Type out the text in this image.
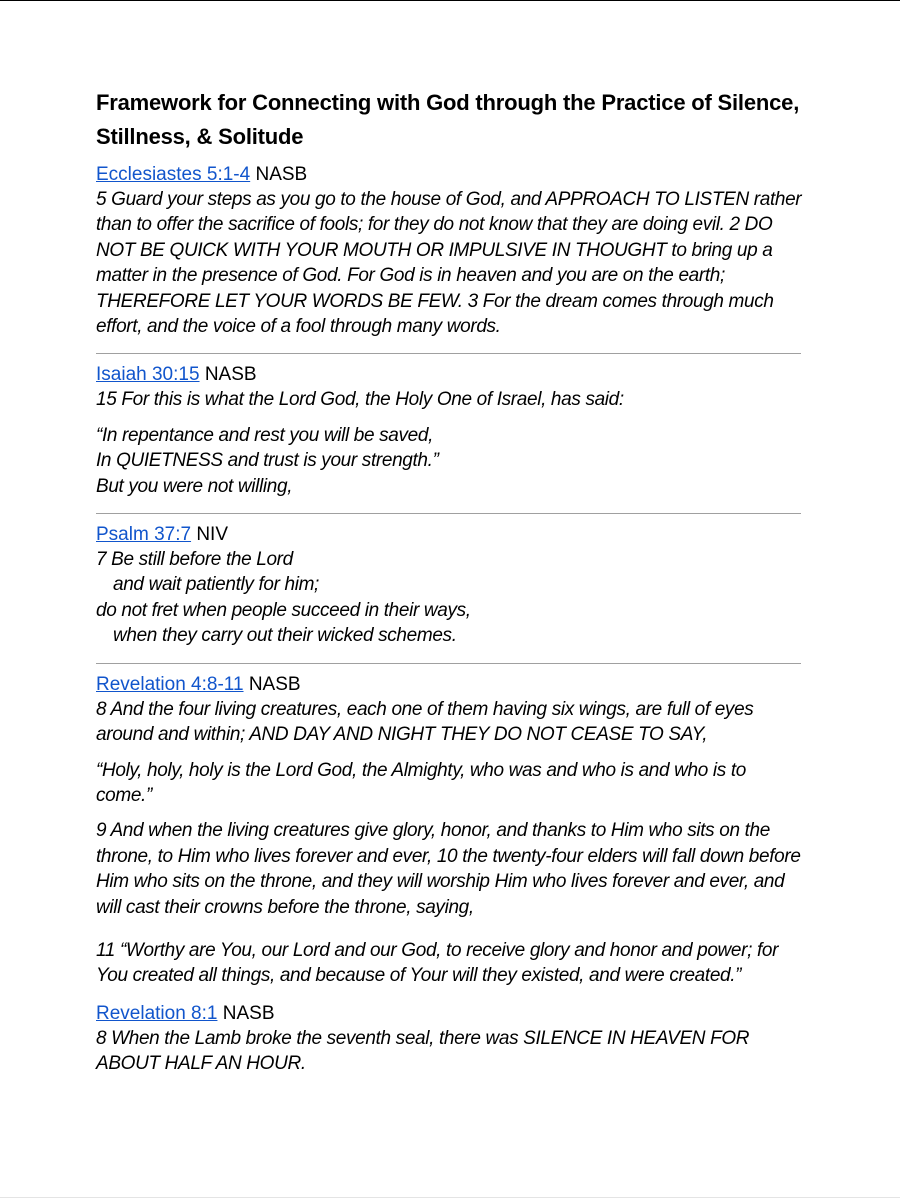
Framework for Connecting with God through the Practice of Silence, Stillness, & Solitude

Ecclesiastes 5:1-4 NASB

5 Guard your steps as you go to the house of God, and APPROACH TO LISTEN rather than to offer the sacrifice of fools; for they do not know that they are doing evil. 2 DO NOT BE QUICK WITH YOUR MOUTH OR IMPULSIVE IN THOUGHT to bring up a matter in the presence of God. For God is in heaven and you are on the earth; THEREFORE LET YOUR WORDS BE FEW. 3 For the dream comes through much effort, and the voice of a fool through many words.

Isaiah 30:15 NASB

15 For this is what the Lord God, the Holy One of Israel, has said:

“In repentance and rest you will be saved,

In QUIETNESS and trust is your strength.”

But you were not willing,

Psalm 37:7 NIV

7 Be still before the Lord

and wait patiently for him;

do not fret when people succeed in their ways,

when they carry out their wicked schemes.

Revelation 4:8-11 NASB

8 And the four living creatures, each one of them having six wings, are full of eyes around and within; AND DAY AND NIGHT THEY DO NOT CEASE TO SAY,

“Holy, holy, holy is the Lord God, the Almighty, who was and who is and who is to come.”

9 And when the living creatures give glory, honor, and thanks to Him who sits on the throne, to Him who lives forever and ever, 10 the twenty-four elders will fall down before Him who sits on the throne, and they will worship Him who lives forever and ever, and will cast their crowns before the throne, saying,

11 “Worthy are You, our Lord and our God, to receive glory and honor and power; for You created all things, and because of Your will they existed, and were created.”

Revelation 8:1 NASB

8 When the Lamb broke the seventh seal, there was SILENCE IN HEAVEN FOR ABOUT HALF AN HOUR.
